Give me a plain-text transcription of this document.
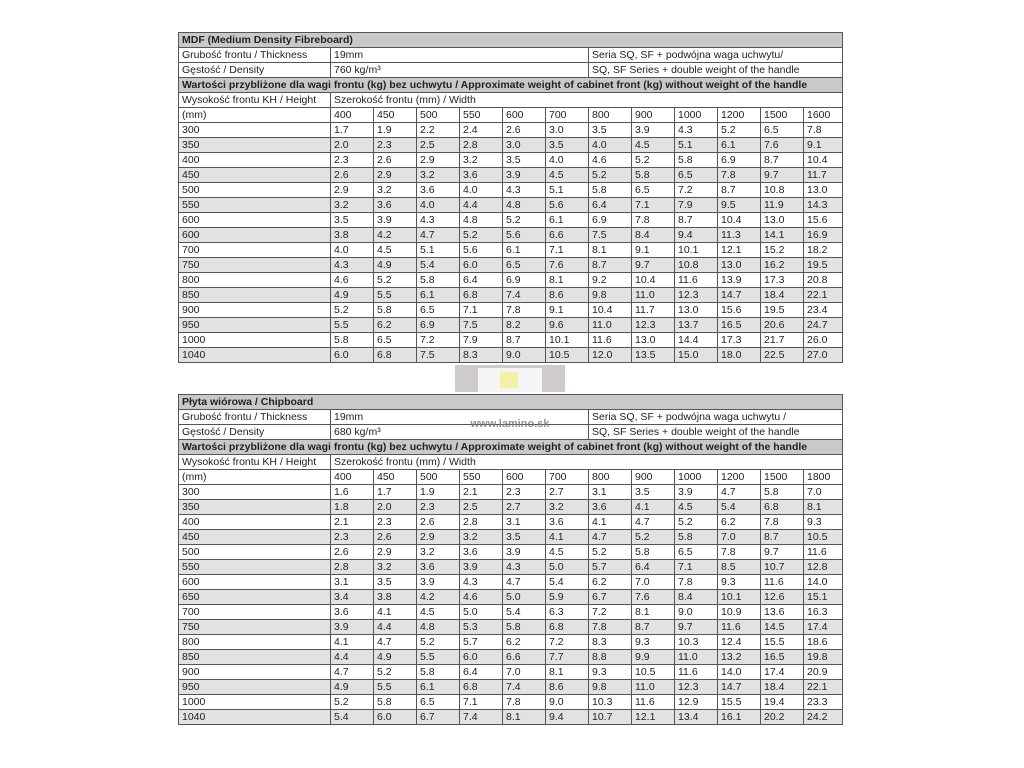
MDF (Medium Density Fibreboard)												
Grubość frontu / Thickness	19mm						Seria SQ, SF + podwójna waga uchwytu/					
Gęstość / Density	760 kg/m³						SQ, SF Series + double weight of the handle					
Wartości przybliżone dla wagi frontu (kg) bez uchwytu / Approximate weight of cabinet front (kg) without weight of the handle												
Wysokość frontu KH / Height	Szerokość frontu (mm) / Width											
(mm)	400	450	500	550	600	700	800	900	1000	1200	1500	1600
300	1.7	1.9	2.2	2.4	2.6	3.0	3.5	3.9	4.3	5.2	6.5	7.8
350	2.0	2.3	2.5	2.8	3.0	3.5	4.0	4.5	5.1	6.1	7.6	9.1
400	2.3	2.6	2.9	3.2	3.5	4.0	4.6	5.2	5.8	6.9	8.7	10.4
450	2.6	2.9	3.2	3.6	3.9	4.5	5.2	5.8	6.5	7.8	9.7	11.7
500	2.9	3.2	3.6	4.0	4.3	5.1	5.8	6.5	7.2	8.7	10.8	13.0
550	3.2	3.6	4.0	4.4	4.8	5.6	6.4	7.1	7.9	9.5	11.9	14.3
600	3.5	3.9	4.3	4.8	5.2	6.1	6.9	7.8	8.7	10.4	13.0	15.6
600	3.8	4.2	4.7	5.2	5.6	6.6	7.5	8.4	9.4	11.3	14.1	16.9
700	4.0	4.5	5.1	5.6	6.1	7.1	8.1	9.1	10.1	12.1	15.2	18.2
750	4.3	4.9	5.4	6.0	6.5	7.6	8.7	9.7	10.8	13.0	16.2	19.5
800	4.6	5.2	5.8	6.4	6.9	8.1	9.2	10.4	11.6	13.9	17.3	20.8
850	4.9	5.5	6.1	6.8	7.4	8.6	9.8	11.0	12.3	14.7	18.4	22.1
900	5.2	5.8	6.5	7.1	7.8	9.1	10.4	11.7	13.0	15.6	19.5	23.4
950	5.5	6.2	6.9	7.5	8.2	9.6	11.0	12.3	13.7	16.5	20.6	24.7
1000	5.8	6.5	7.2	7.9	8.7	10.1	11.6	13.0	14.4	17.3	21.7	26.0
1040	6.0	6.8	7.5	8.3	9.0	10.5	12.0	13.5	15.0	18.0	22.5	27.0
Płyta wiórowa / Chipboard												
Grubość frontu / Thickness	19mm						Seria SQ, SF + podwójna waga uchwytu /					
Gęstość / Density	680 kg/m³						SQ, SF Series + double weight of the handle					
Wartości przybliżone dla wagi frontu (kg) bez uchwytu / Approximate weight of cabinet front (kg) without weight of the handle												
Wysokość frontu KH / Height	Szerokość frontu (mm) / Width											
(mm)	400	450	500	550	600	700	800	900	1000	1200	1500	1800
300	1.6	1.7	1.9	2.1	2.3	2.7	3.1	3.5	3.9	4.7	5.8	7.0
350	1.8	2.0	2.3	2.5	2.7	3.2	3.6	4.1	4.5	5.4	6.8	8.1
400	2.1	2.3	2.6	2.8	3.1	3.6	4.1	4.7	5.2	6.2	7.8	9.3
450	2.3	2.6	2.9	3.2	3.5	4.1	4.7	5.2	5.8	7.0	8.7	10.5
500	2.6	2.9	3.2	3.6	3.9	4.5	5.2	5.8	6.5	7.8	9.7	11.6
550	2.8	3.2	3.6	3.9	4.3	5.0	5.7	6.4	7.1	8.5	10.7	12.8
600	3.1	3.5	3.9	4.3	4.7	5.4	6.2	7.0	7.8	9.3	11.6	14.0
650	3.4	3.8	4.2	4.6	5.0	5.9	6.7	7.6	8.4	10.1	12.6	15.1
700	3.6	4.1	4.5	5.0	5.4	6.3	7.2	8.1	9.0	10.9	13.6	16.3
750	3.9	4.4	4.8	5.3	5.8	6.8	7.8	8.7	9.7	11.6	14.5	17.4
800	4.1	4.7	5.2	5.7	6.2	7.2	8.3	9.3	10.3	12.4	15.5	18.6
850	4.4	4.9	5.5	6.0	6.6	7.7	8.8	9.9	11.0	13.2	16.5	19.8
900	4.7	5.2	5.8	6.4	7.0	8.1	9.3	10.5	11.6	14.0	17.4	20.9
950	4.9	5.5	6.1	6.8	7.4	8.6	9.8	11.0	12.3	14.7	18.4	22.1
1000	5.2	5.8	6.5	7.1	7.8	9.0	10.3	11.6	12.9	15.5	19.4	23.3
1040	5.4	6.0	6.7	7.4	8.1	9.4	10.7	12.1	13.4	16.1	20.2	24.2
www.lamino.sk
